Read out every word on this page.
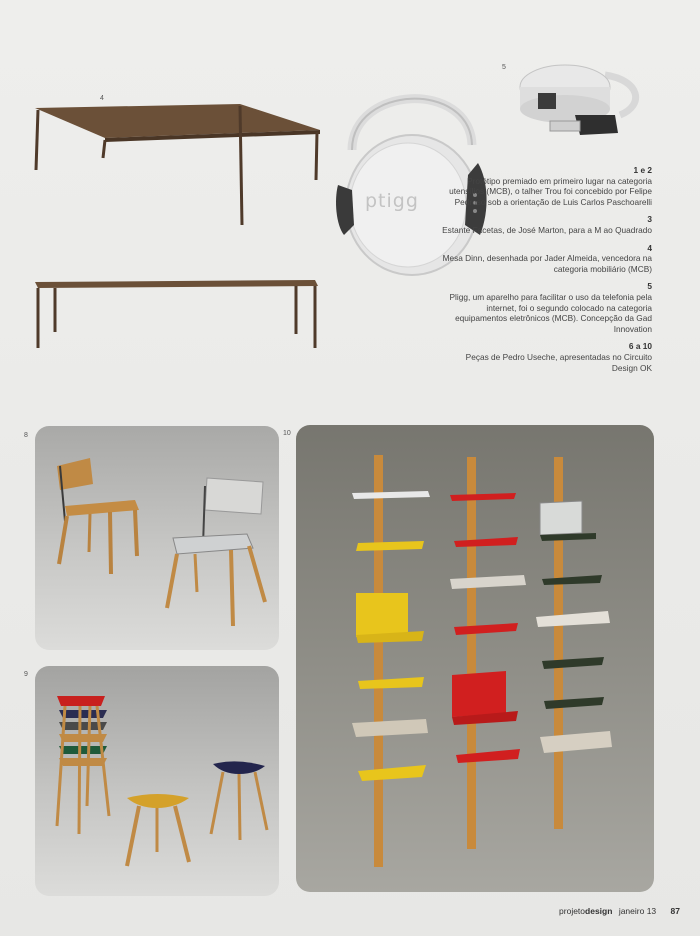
4
5
ptigg
1 e 2
Protótipo premiado em primeiro lugar na categoria utensílios (MCB), o talher Trou foi concebido por Felipe Pedroso sob a orientação de Luis Carlos Paschoarelli
3
Estante Facetas, de José Marton, para a M ao Quadrado
4
Mesa Dinn, desenhada por Jader Almeida, vencedora na categoria mobiliário (MCB)
5
Pligg, um aparelho para facilitar o uso da telefonia pela internet, foi o segundo colocado na categoria equipamentos eletrônicos (MCB). Concepção da Gad Innovation
6 a 10
Peças de Pedro Useche, apresentadas no Circuito Design OK
8
9
10
projetodesign janeiro 13 87
